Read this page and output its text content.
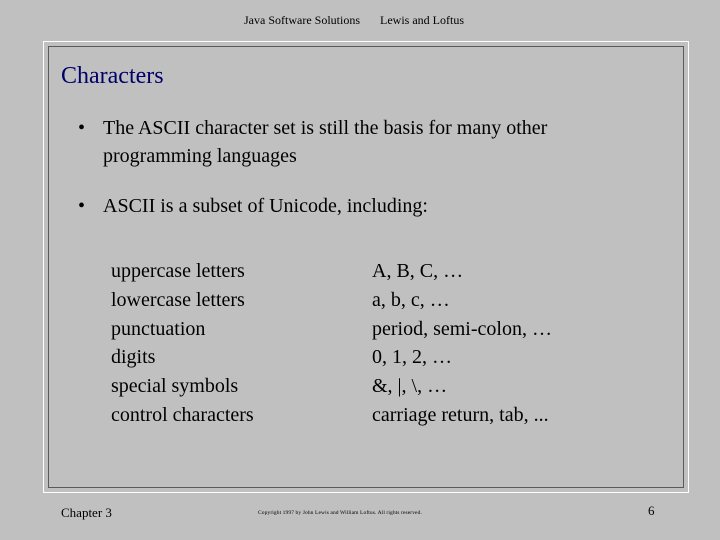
Java Software Solutions Lewis and Loftus
Characters
• The ASCII character set is still the basis for many other
programming languages
• ASCII is a subset of Unicode, including:
uppercase letters
lowercase letters
punctuation
digits
special symbols
control characters
A, B, C, …
a, b, c, …
period, semi-colon, …
0, 1, 2, …
&, |, \, …
carriage return, tab, ...
Chapter 3	Copyright 1997 by John Lewis and William Loftus. All rights reserved.	6
